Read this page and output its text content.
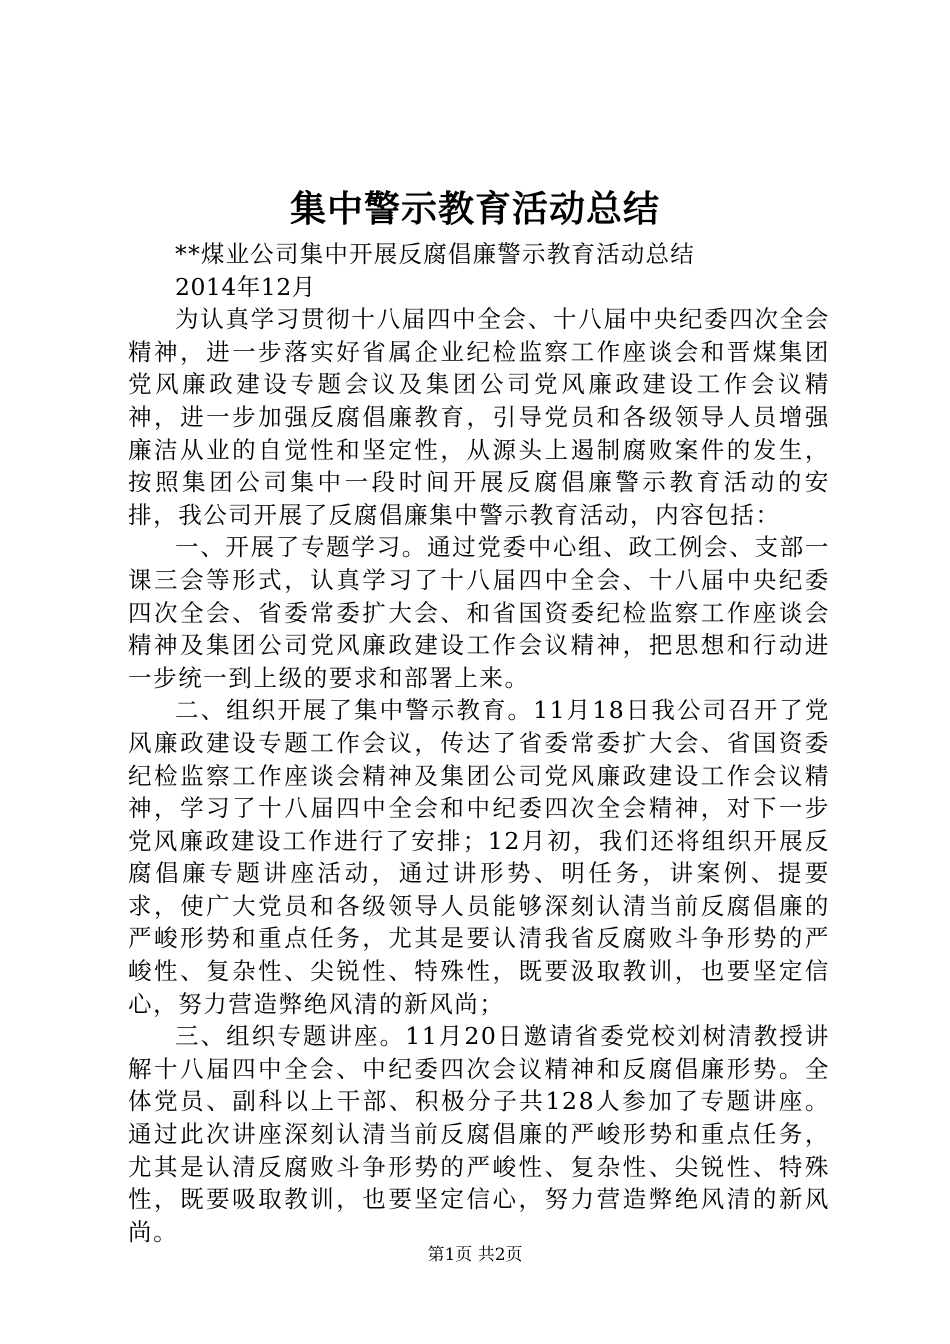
集中警示教育活动总结

**煤业公司集中开展反腐倡廉警示教育活动总结

2014年12月

为认真学习贯彻十八届四中全会、十八届中央纪委四次全会精神，进一步落实好省属企业纪检监察工作座谈会和晋煤集团党风廉政建设专题会议及集团公司党风廉政建设工作会议精神，进一步加强反腐倡廉教育，引导党员和各级领导人员增强廉洁从业的自觉性和坚定性，从源头上遏制腐败案件的发生，按照集团公司集中一段时间开展反腐倡廉警示教育活动的安排，我公司开展了反腐倡廉集中警示教育活动，内容包括：

一、开展了专题学习。通过党委中心组、政工例会、支部一课三会等形式，认真学习了十八届四中全会、十八届中央纪委四次全会、省委常委扩大会、和省国资委纪检监察工作座谈会精神及集团公司党风廉政建设工作会议精神，把思想和行动进一步统一到上级的要求和部署上来。

二、组织开展了集中警示教育。11月18日我公司召开了党风廉政建设专题工作会议，传达了省委常委扩大会、省国资委纪检监察工作座谈会精神及集团公司党风廉政建设工作会议精神，学习了十八届四中全会和中纪委四次全会精神，对下一步党风廉政建设工作进行了安排；12月初，我们还将组织开展反腐倡廉专题讲座活动，通过讲形势、明任务，讲案例、提要求，使广大党员和各级领导人员能够深刻认清当前反腐倡廉的严峻形势和重点任务，尤其是要认清我省反腐败斗争形势的严峻性、复杂性、尖锐性、特殊性，既要汲取教训，也要坚定信心，努力营造弊绝风清的新风尚；

三、组织专题讲座。11月20日邀请省委党校刘树清教授讲解十八届四中全会、中纪委四次会议精神和反腐倡廉形势。全体党员、副科以上干部、积极分子共128人参加了专题讲座。通过此次讲座深刻认清当前反腐倡廉的严峻形势和重点任务，尤其是认清反腐败斗争形势的严峻性、复杂性、尖锐性、特殊性，既要吸取教训，也要坚定信心，努力营造弊绝风清的新风尚。

第1页 共2页
